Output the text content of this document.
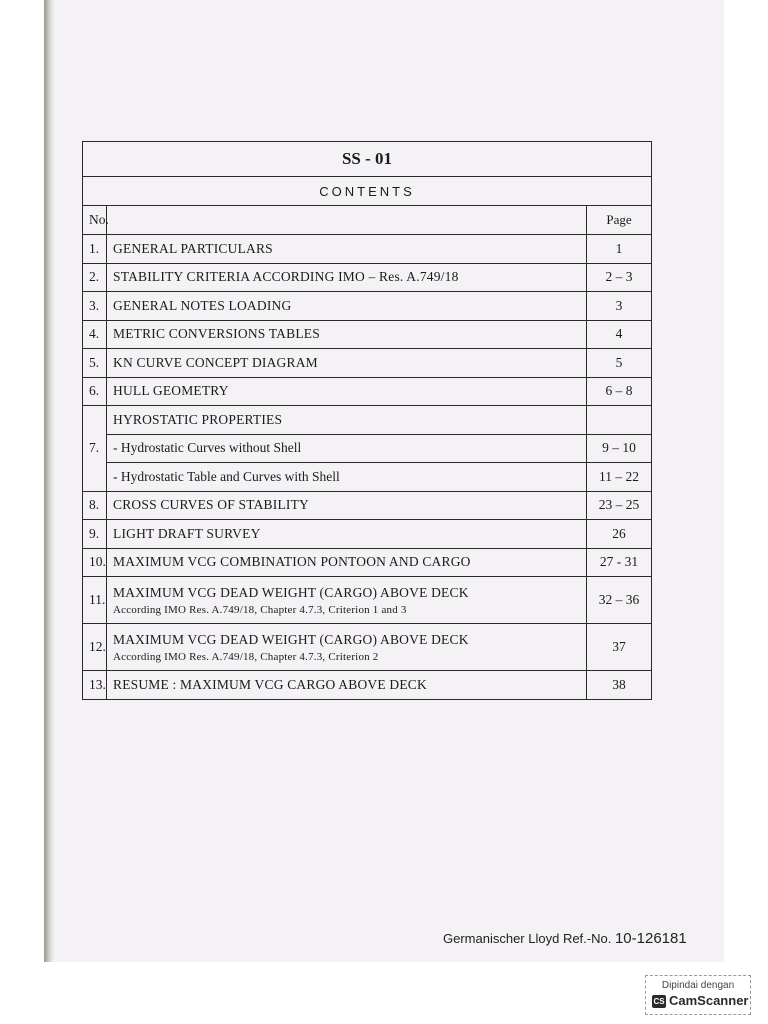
SS - 01		
CONTENTS		
No.		Page
1.	GENERAL PARTICULARS	1
2.	STABILITY CRITERIA ACCORDING IMO – Res. A.749/18	2 – 3
3.	GENERAL NOTES LOADING	3
4.	METRIC CONVERSIONS TABLES	4
5.	KN CURVE CONCEPT DIAGRAM	5
6.	HULL GEOMETRY	6 – 8
7.	HYROSTATIC PROPERTIES	
	- Hydrostatic Curves without Shell	9 – 10
	- Hydrostatic Table and Curves with Shell	11 – 22
8.	CROSS CURVES OF STABILITY	23 – 25
9.	LIGHT DRAFT SURVEY	26
10.	MAXIMUM VCG COMBINATION PONTOON AND CARGO	27 - 31
11.	MAXIMUM VCG DEAD WEIGHT (CARGO) ABOVE DECK
According IMO Res. A.749/18, Chapter 4.7.3, Criterion 1 and 3	32 – 36
12.	MAXIMUM VCG DEAD WEIGHT (CARGO) ABOVE DECK
According IMO Res. A.749/18, Chapter 4.7.3, Criterion 2	37
13.	RESUME : MAXIMUM VCG CARGO ABOVE DECK	38
Germanischer Lloyd Ref.-No. 10-126181
Dipindai dengan
CS CamScanner
